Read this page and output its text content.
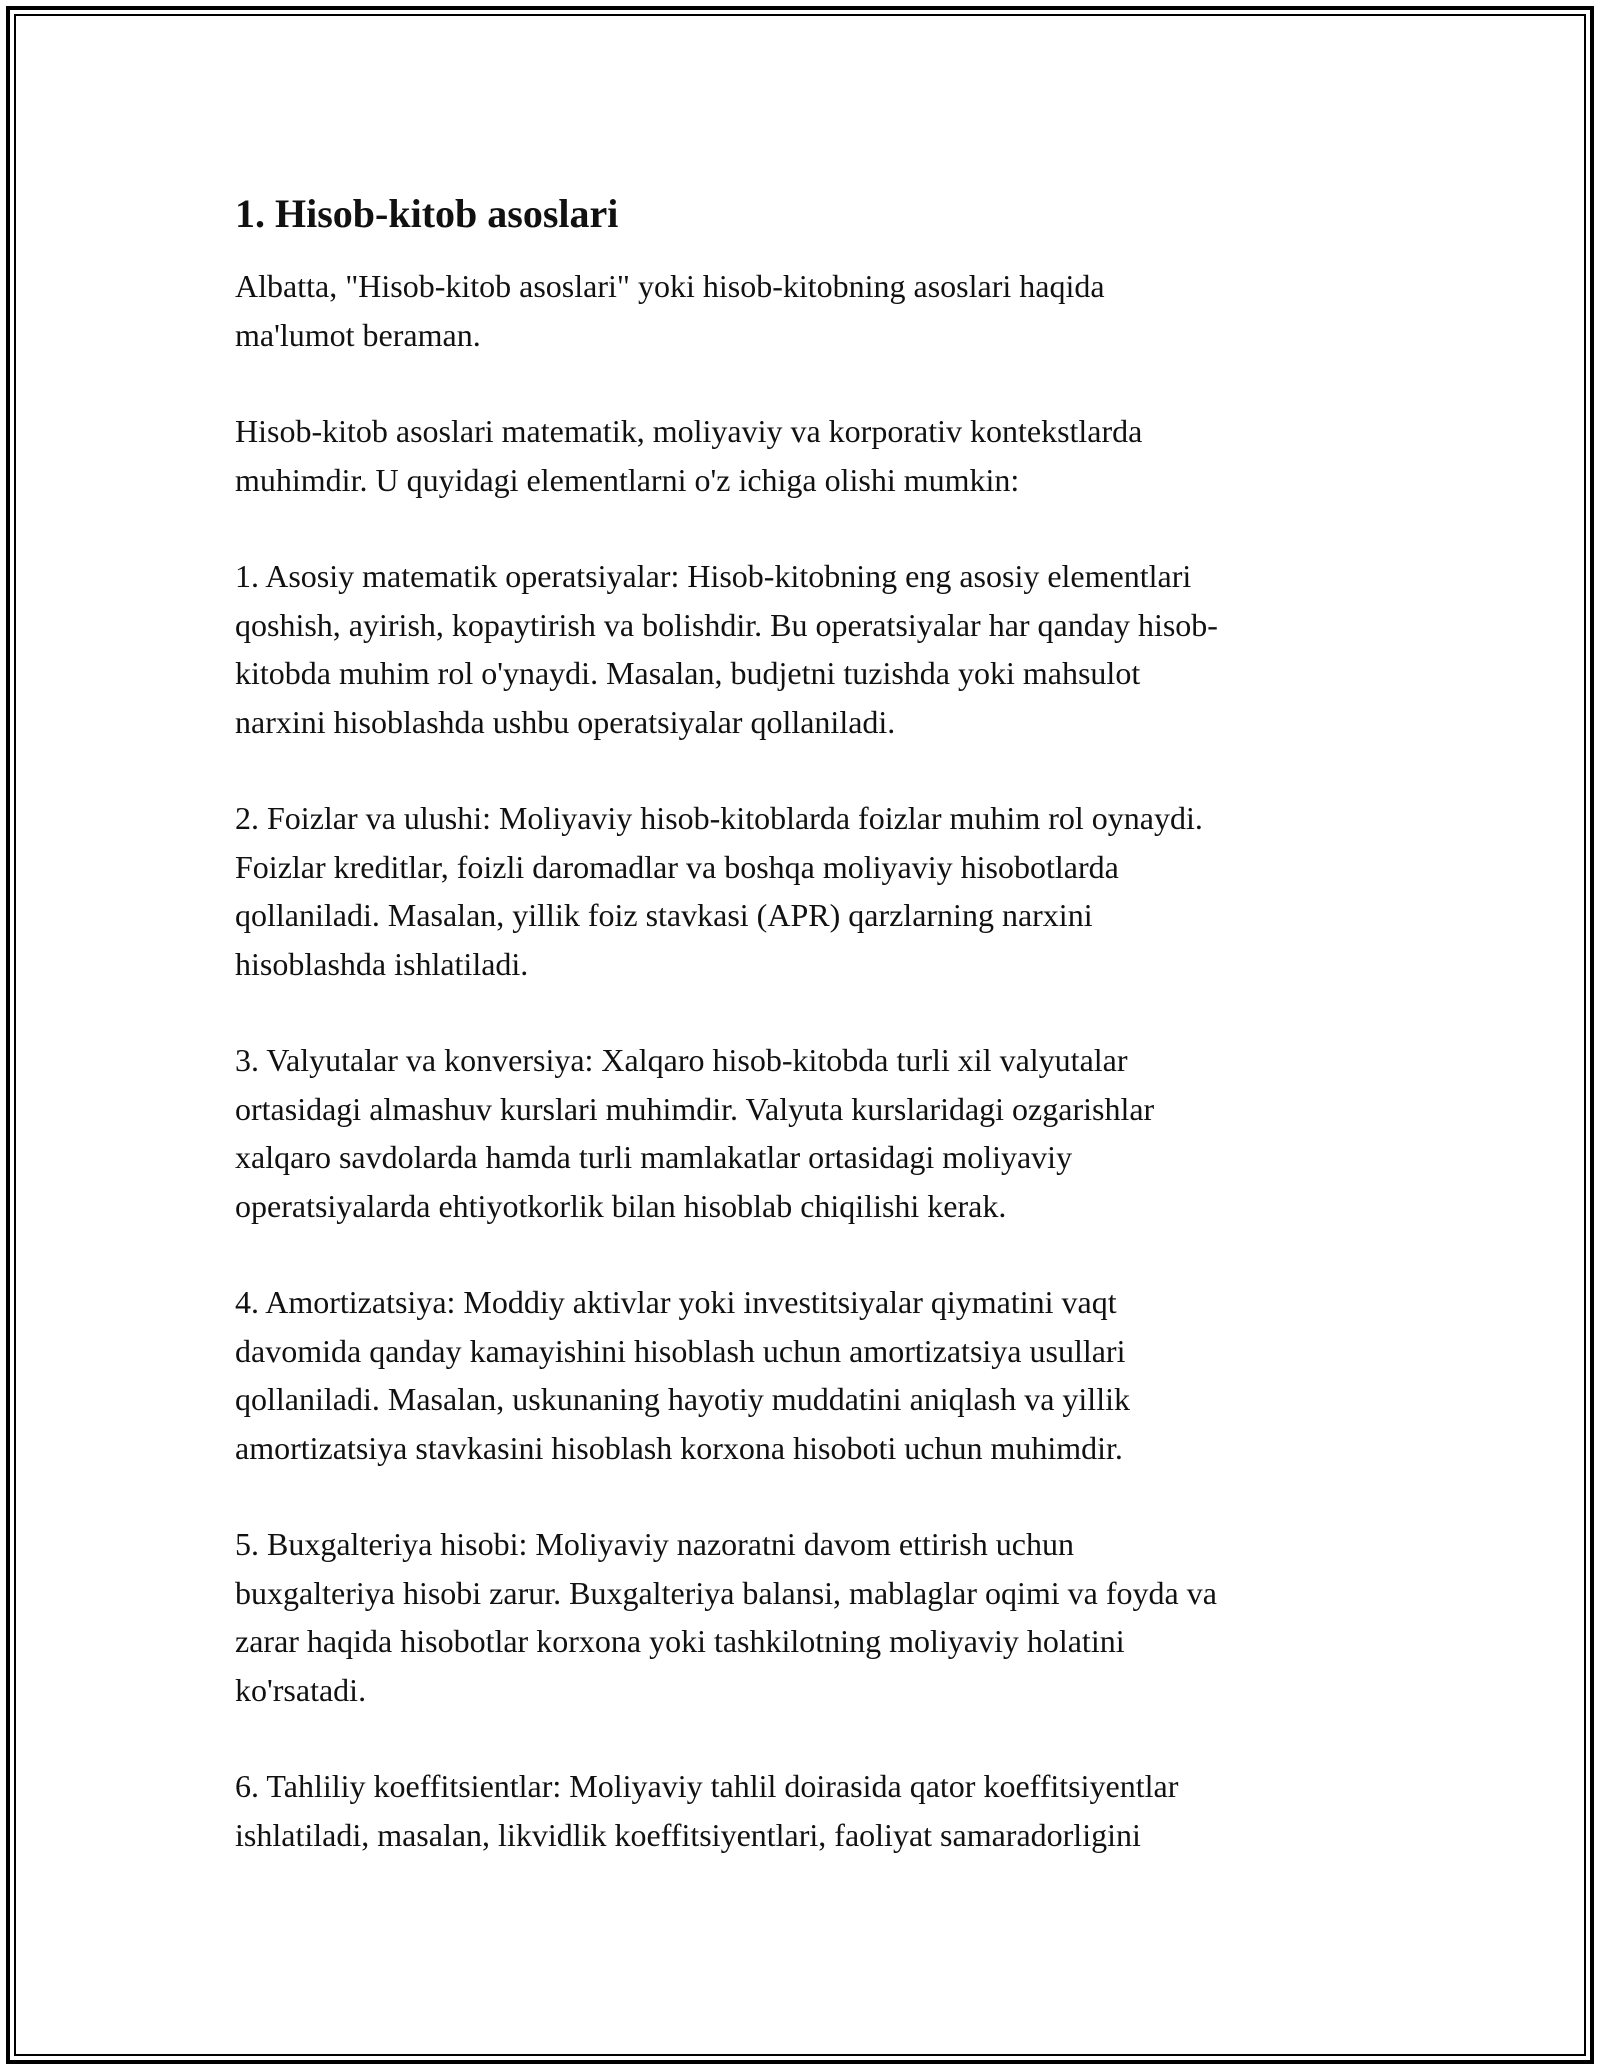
1. Hisob-kitob asoslari

Albatta, "Hisob-kitob asoslari" yoki hisob-kitobning asoslari haqida
ma'lumot beraman.

Hisob-kitob asoslari matematik, moliyaviy va korporativ kontekstlarda
muhimdir. U quyidagi elementlarni o'z ichiga olishi mumkin:

1. Asosiy matematik operatsiyalar: Hisob-kitobning eng asosiy elementlari
qoshish, ayirish, kopaytirish va bolishdir. Bu operatsiyalar har qanday hisob-
kitobda muhim rol o'ynaydi. Masalan, budjetni tuzishda yoki mahsulot
narxini hisoblashda ushbu operatsiyalar qollaniladi.

2. Foizlar va ulushi: Moliyaviy hisob-kitoblarda foizlar muhim rol oynaydi.
Foizlar kreditlar, foizli daromadlar va boshqa moliyaviy hisobotlarda
qollaniladi. Masalan, yillik foiz stavkasi (APR) qarzlarning narxini
hisoblashda ishlatiladi.

3. Valyutalar va konversiya: Xalqaro hisob-kitobda turli xil valyutalar
ortasidagi almashuv kurslari muhimdir. Valyuta kurslaridagi ozgarishlar
xalqaro savdolarda hamda turli mamlakatlar ortasidagi moliyaviy
operatsiyalarda ehtiyotkorlik bilan hisoblab chiqilishi kerak.

4. Amortizatsiya: Moddiy aktivlar yoki investitsiyalar qiymatini vaqt
davomida qanday kamayishini hisoblash uchun amortizatsiya usullari
qollaniladi. Masalan, uskunaning hayotiy muddatini aniqlash va yillik
amortizatsiya stavkasini hisoblash korxona hisoboti uchun muhimdir.

5. Buxgalteriya hisobi: Moliyaviy nazoratni davom ettirish uchun
buxgalteriya hisobi zarur. Buxgalteriya balansi, mablaglar oqimi va foyda va
zarar haqida hisobotlar korxona yoki tashkilotning moliyaviy holatini
ko'rsatadi.

6. Tahliliy koeffitsientlar: Moliyaviy tahlil doirasida qator koeffitsiyentlar
ishlatiladi, masalan, likvidlik koeffitsiyentlari, faoliyat samaradorligini
